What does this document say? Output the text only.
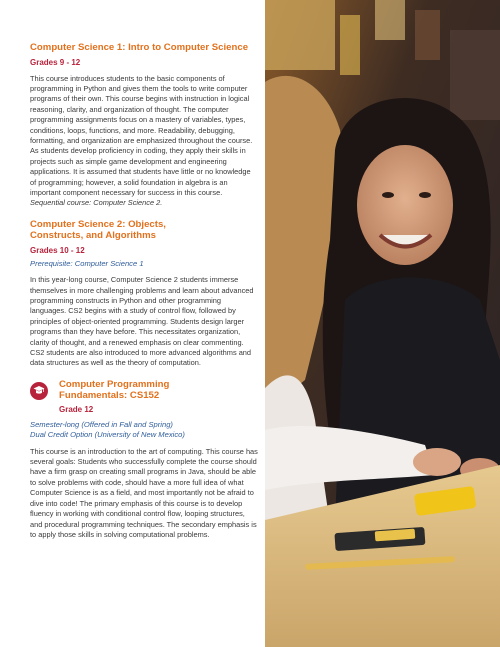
Computer Science 1: Intro to Computer Science
Grades 9 - 12

This course introduces students to the basic components of programming in Python and gives them the tools to write computer programs of their own. This course begins with instruction in logical reasoning, clarity, and organization of thought. The computer programming assignments focus on a mastery of variables, types, conditions, loops, functions, and more. Readability, debugging, formatting, and organization are emphasized throughout the course. As students develop proficiency in coding, they apply their skills in projects such as simple game development and engineering applications. It is assumed that students have little or no knowledge of programming; however, a solid foundation in algebra is an important component necessary for success in this course. Sequential course: Computer Science 2.

Computer Science 2: Objects,
Constructs, and Algorithms
Grades 10 - 12

Prerequisite: Computer Science 1

In this year-long course, Computer Science 2 students immerse themselves in more challenging problems and learn about advanced programming constructs in Python and other programming languages. CS2 begins with a study of control flow, followed by principles of object-oriented programming. Students design larger programs than they have before. This necessitates organization, clarity of thought, and a renewed emphasis on clear commenting. CS2 students are also introduced to more advanced algorithms and data structures as well as the theory of computation.

Computer Programming
Fundamentals: CS152
Grade 12

Semester-long (Offered in Fall and Spring)

Dual Credit Option (University of New Mexico)

This course is an introduction to the art of computing. This course has several goals: Students who successfully complete the course should have a firm grasp on creating small programs in Java, should be able to solve problems with code, should have a more full idea of what Computer Science is as a field, and most importantly not be afraid to dive into code! The primary emphasis of this course is to develop fluency in working with conditional control flow, looping structures, and procedural programming techniques. The secondary emphasis is to apply those skills in solving computational problems.
